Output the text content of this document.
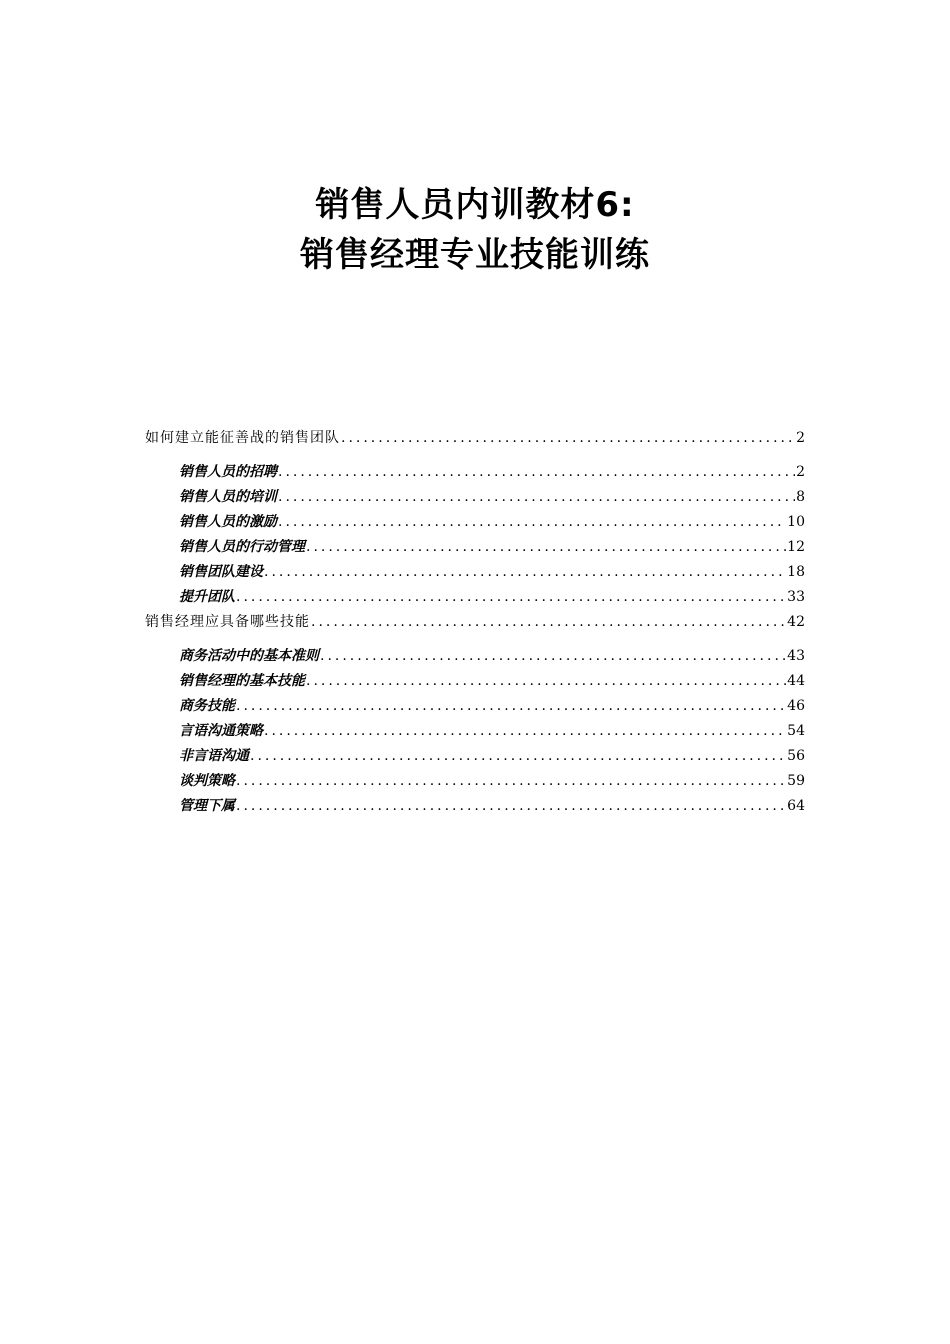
销售人员内训教材6:
销售经理专业技能训练
如何建立能征善战的销售团队 .....	2
销售人员的招聘 .....	2
销售人员的培训 .....	8
销售人员的激励 .....	10
销售人员的行动管理 .....	12
销售团队建设 .....	18
提升团队 .....	33
销售经理应具备哪些技能 .....	42
商务活动中的基本准则 .....	43
销售经理的基本技能 .....	44
商务技能 .....	46
言语沟通策略 .....	54
非言语沟通 .....	56
谈判策略 .....	59
管理下属 .....	64
